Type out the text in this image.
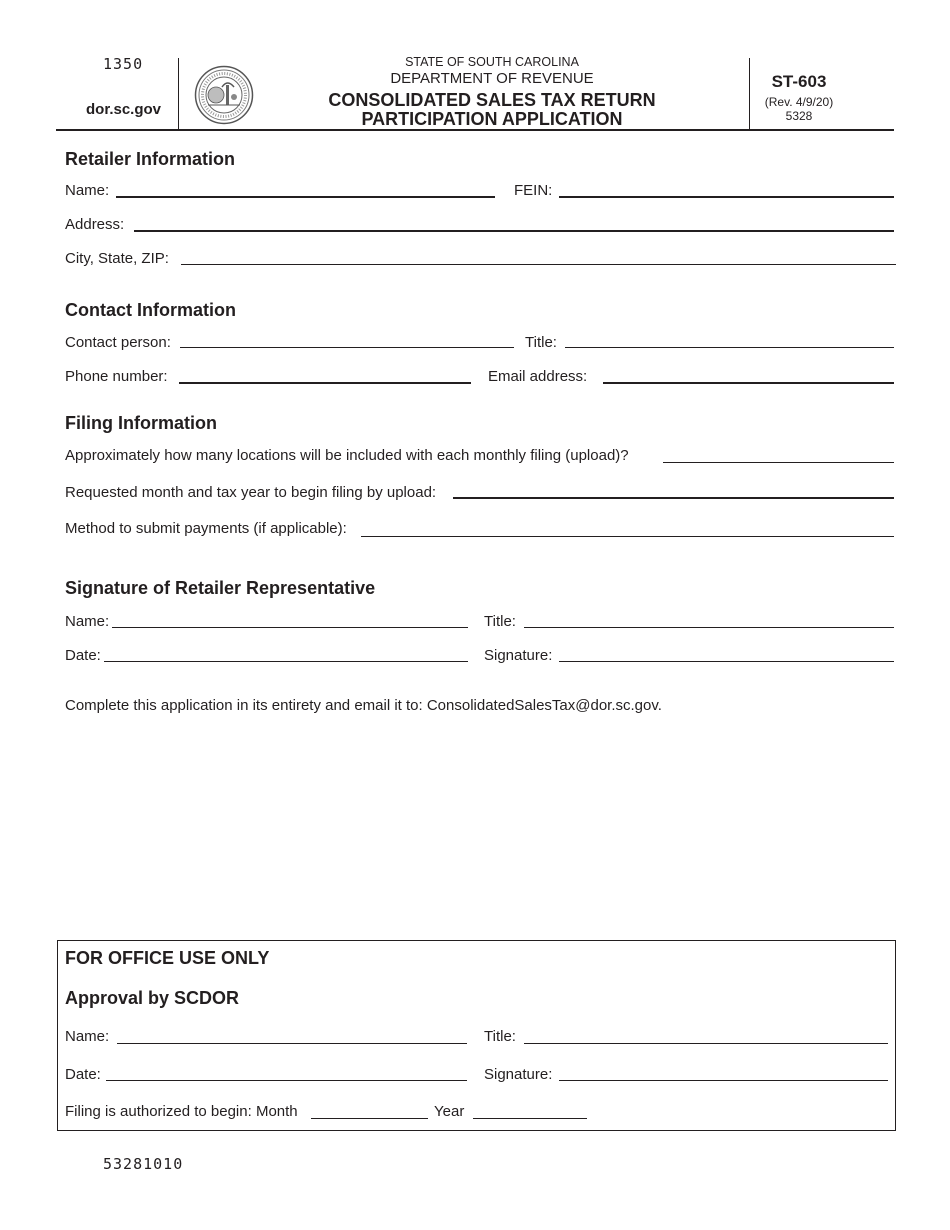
1350
dor.sc.gov
STATE OF SOUTH CAROLINA
DEPARTMENT OF REVENUE
CONSOLIDATED SALES TAX RETURN
PARTICIPATION APPLICATION
ST-603
(Rev. 4/9/20)
5328
Retailer Information
Name:	FEIN:
Address:
City, State, ZIP:
Contact Information
Contact person:	Title:
Phone number:	Email address:
Filing Information
Approximately how many locations will be included with each monthly filing (upload)?
Requested month and tax year to begin filing by upload:
Method to submit payments (if applicable):
Signature of Retailer Representative
Name:	Title:
Date:	Signature:
Complete this application in its entirety and email it to: ConsolidatedSalesTax@dor.sc.gov.
FOR OFFICE USE ONLY
Approval by SCDOR
Name:	Title:
Date:	Signature:
Filing is authorized to begin: Month	Year
53281010
